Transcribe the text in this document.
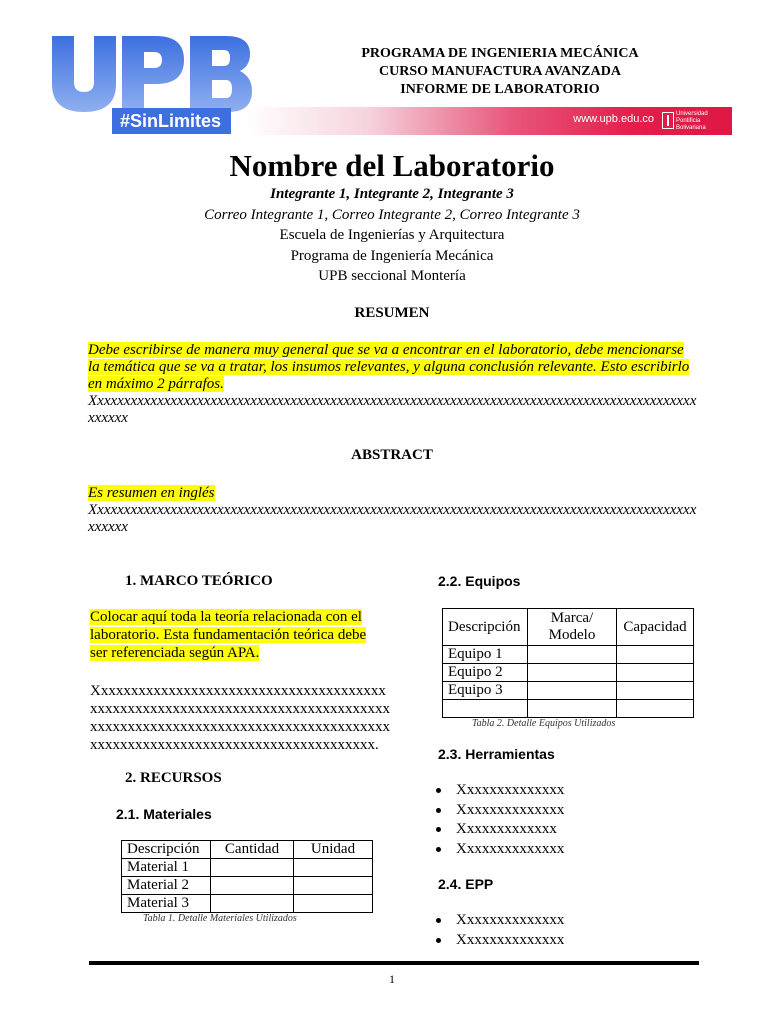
#SinLimites	www.upb.edu.co	Universidad Pontificia Bolivariana
PROGRAMA DE INGENIERIA MECÁNICA
CURSO MANUFACTURA AVANZADA
INFORME DE LABORATORIO
Nombre del Laboratorio
Integrante 1, Integrante 2, Integrante 3
Correo Integrante 1, Correo Integrante 2, Correo Integrante 3
Escuela de Ingenierías y Arquitectura
Programa de Ingeniería Mecánica
UPB seccional Montería
RESUMEN
Debe escribirse de manera muy general que se va a encontrar en el laboratorio, debe mencionarse la temática que se va a tratar, los insumos relevantes, y alguna conclusión relevante. Esto escribirlo en máximo 2 párrafos.
Xxxxxxxxxxxxxxxxxxxxxxxxxxxxxxxxxxxxxxxxxxxxxxxxxxxxxxxxxxxxxxxxxxxxxxxxxxxxxxxxxxxxxxxxxxx xxxxxx
ABSTRACT
Es resumen en inglés
Xxxxxxxxxxxxxxxxxxxxxxxxxxxxxxxxxxxxxxxxxxxxxxxxxxxxxxxxxxxxxxxxxxxxxxxxxxxxxxxxxxxxxxxxxxx xxxxxx
1. MARCO TEÓRICO
Colocar aquí toda la teoría relacionada con el laboratorio. Esta fundamentación teórica debe ser referenciada según APA.
Xxxxxxxxxxxxxxxxxxxxxxxxxxxxxxxxxxxxxxx
xxxxxxxxxxxxxxxxxxxxxxxxxxxxxxxxxxxxxxxx
xxxxxxxxxxxxxxxxxxxxxxxxxxxxxxxxxxxxxxxx
xxxxxxxxxxxxxxxxxxxxxxxxxxxxxxxxxxxxxx.
2. RECURSOS
2.1. Materiales
Descripción	Cantidad	Unidad
Material 1		
Material 2		
Material 3		
Tabla 1. Detalle Materiales Utilizados
2.2. Equipos
Descripción	Marca/ Modelo	Capacidad
Equipo 1		
Equipo 2		
Equipo 3		

Tabla 2. Detalle Equipos Utilizados
2.3. Herramientas
Xxxxxxxxxxxxxx
Xxxxxxxxxxxxxx
Xxxxxxxxxxxxx
Xxxxxxxxxxxxxx
2.4. EPP
Xxxxxxxxxxxxxx
Xxxxxxxxxxxxxx
1
